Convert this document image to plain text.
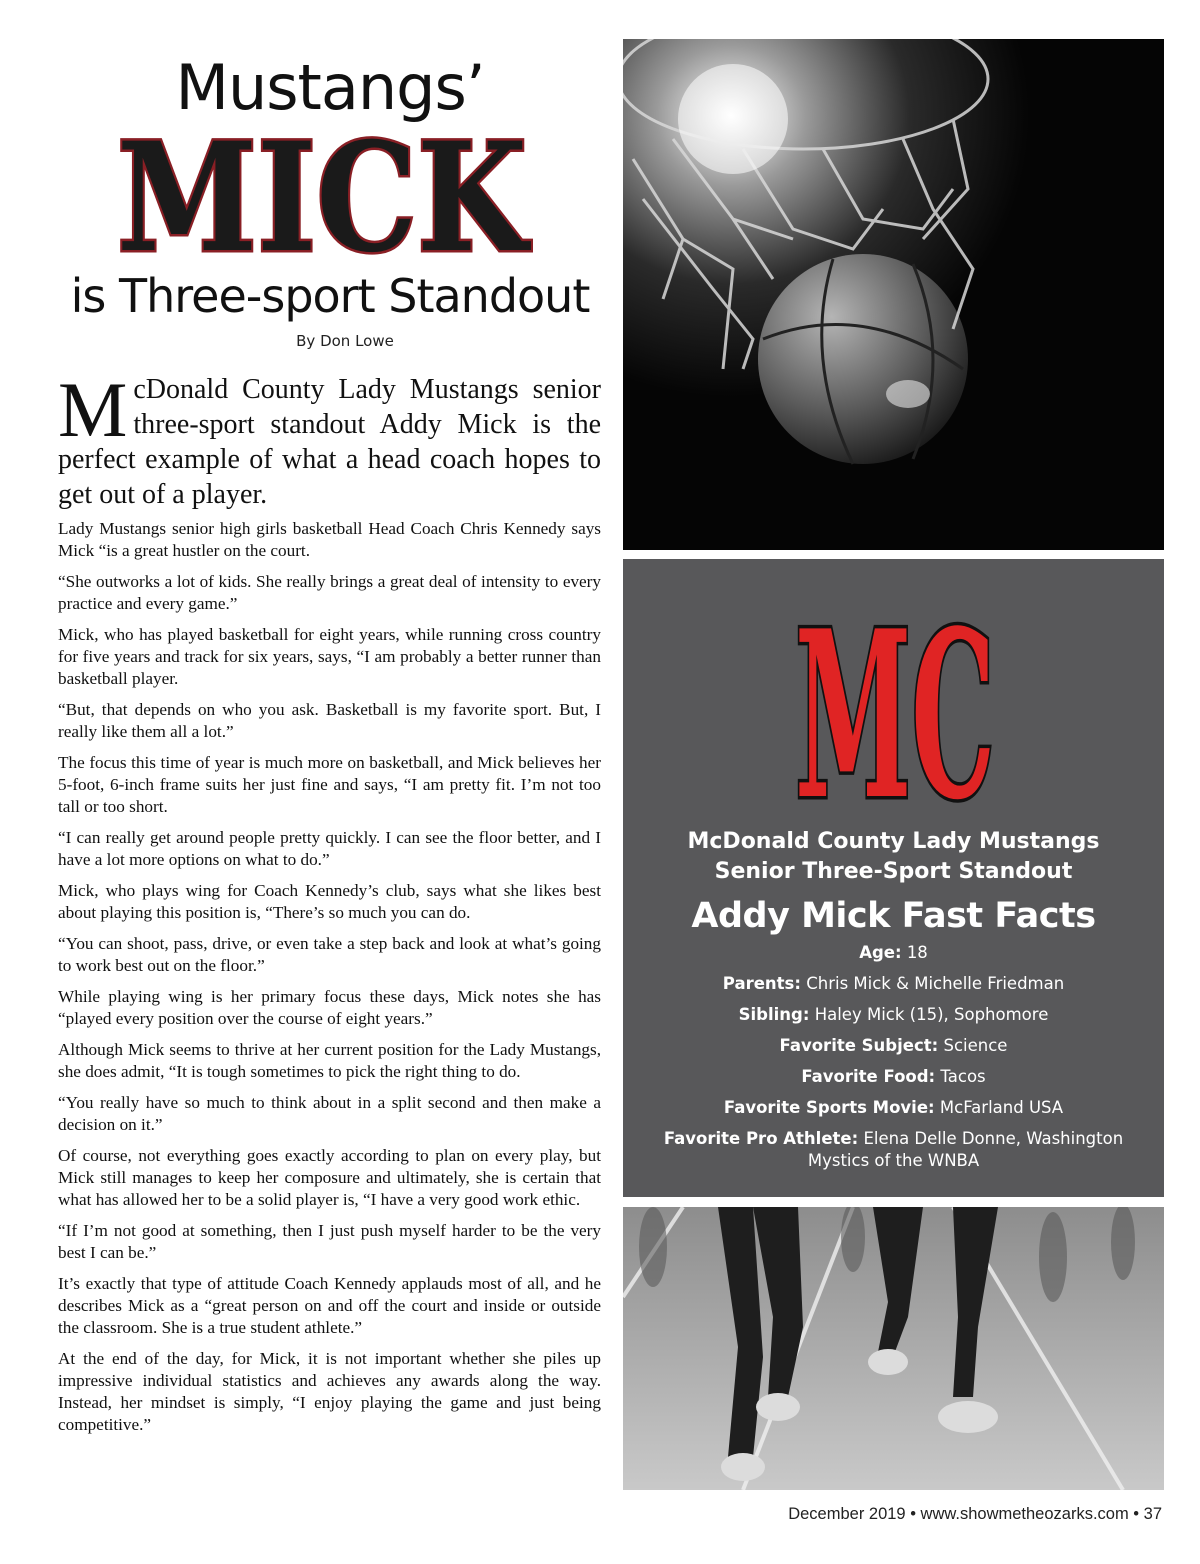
Mustangs’
MICK
is Three-sport Standout
By Don Lowe
McDonald County Lady Mustangs senior three-sport standout Addy Mick is the perfect example of what a head coach hopes to get out of a player.

Lady Mustangs senior high girls basketball Head Coach Chris Kennedy says Mick “is a great hustler on the court.

“She outworks a lot of kids. She really brings a great deal of intensity to every practice and every game.”

Mick, who has played basketball for eight years, while running cross country for five years and track for six years, says, “I am probably a better runner than basketball player.

“But, that depends on who you ask. Basketball is my favorite sport. But, I really like them all a lot.”

The focus this time of year is much more on basketball, and Mick believes her 5-foot, 6-inch frame suits her just fine and says, “I am pretty fit. I’m not too tall or too short.

“I can really get around people pretty quickly. I can see the floor better, and I have a lot more options on what to do.”

Mick, who plays wing for Coach Kennedy’s club, says what she likes best about playing this position is, “There’s so much you can do.

“You can shoot, pass, drive, or even take a step back and look at what’s going to work best out on the floor.”

While playing wing is her primary focus these days, Mick notes she has “played every position over the course of eight years.”

Although Mick seems to thrive at her current position for the Lady Mustangs, she does admit, “It is tough sometimes to pick the right thing to do.

“You really have so much to think about in a split second and then make a decision on it.”

Of course, not everything goes exactly according to plan on every play, but Mick still manages to keep her composure and ultimately, she is certain that what has allowed her to be a solid player is, “I have a very good work ethic.

“If I’m not good at something, then I just push myself harder to be the very best I can be.”

It’s exactly that type of attitude Coach Kennedy applauds most of all, and he describes Mick as a “great person on and off the court and inside or outside the classroom. She is a true student athlete.”

At the end of the day, for Mick, it is not important whether she piles up impressive individual statistics and achieves any awards along the way. Instead, her mindset is simply, “I enjoy playing the game and just being competitive.”

MC
McDonald County Lady Mustangs
Senior Three-Sport Standout
Addy Mick Fast Facts
Age: 18
Parents: Chris Mick & Michelle Friedman
Sibling: Haley Mick (15), Sophomore
Favorite Subject: Science
Favorite Food: Tacos
Favorite Sports Movie: McFarland USA
Favorite Pro Athlete: Elena Delle Donne, Washington Mystics of the WNBA
December 2019 • www.showmetheozarks.com • 37
